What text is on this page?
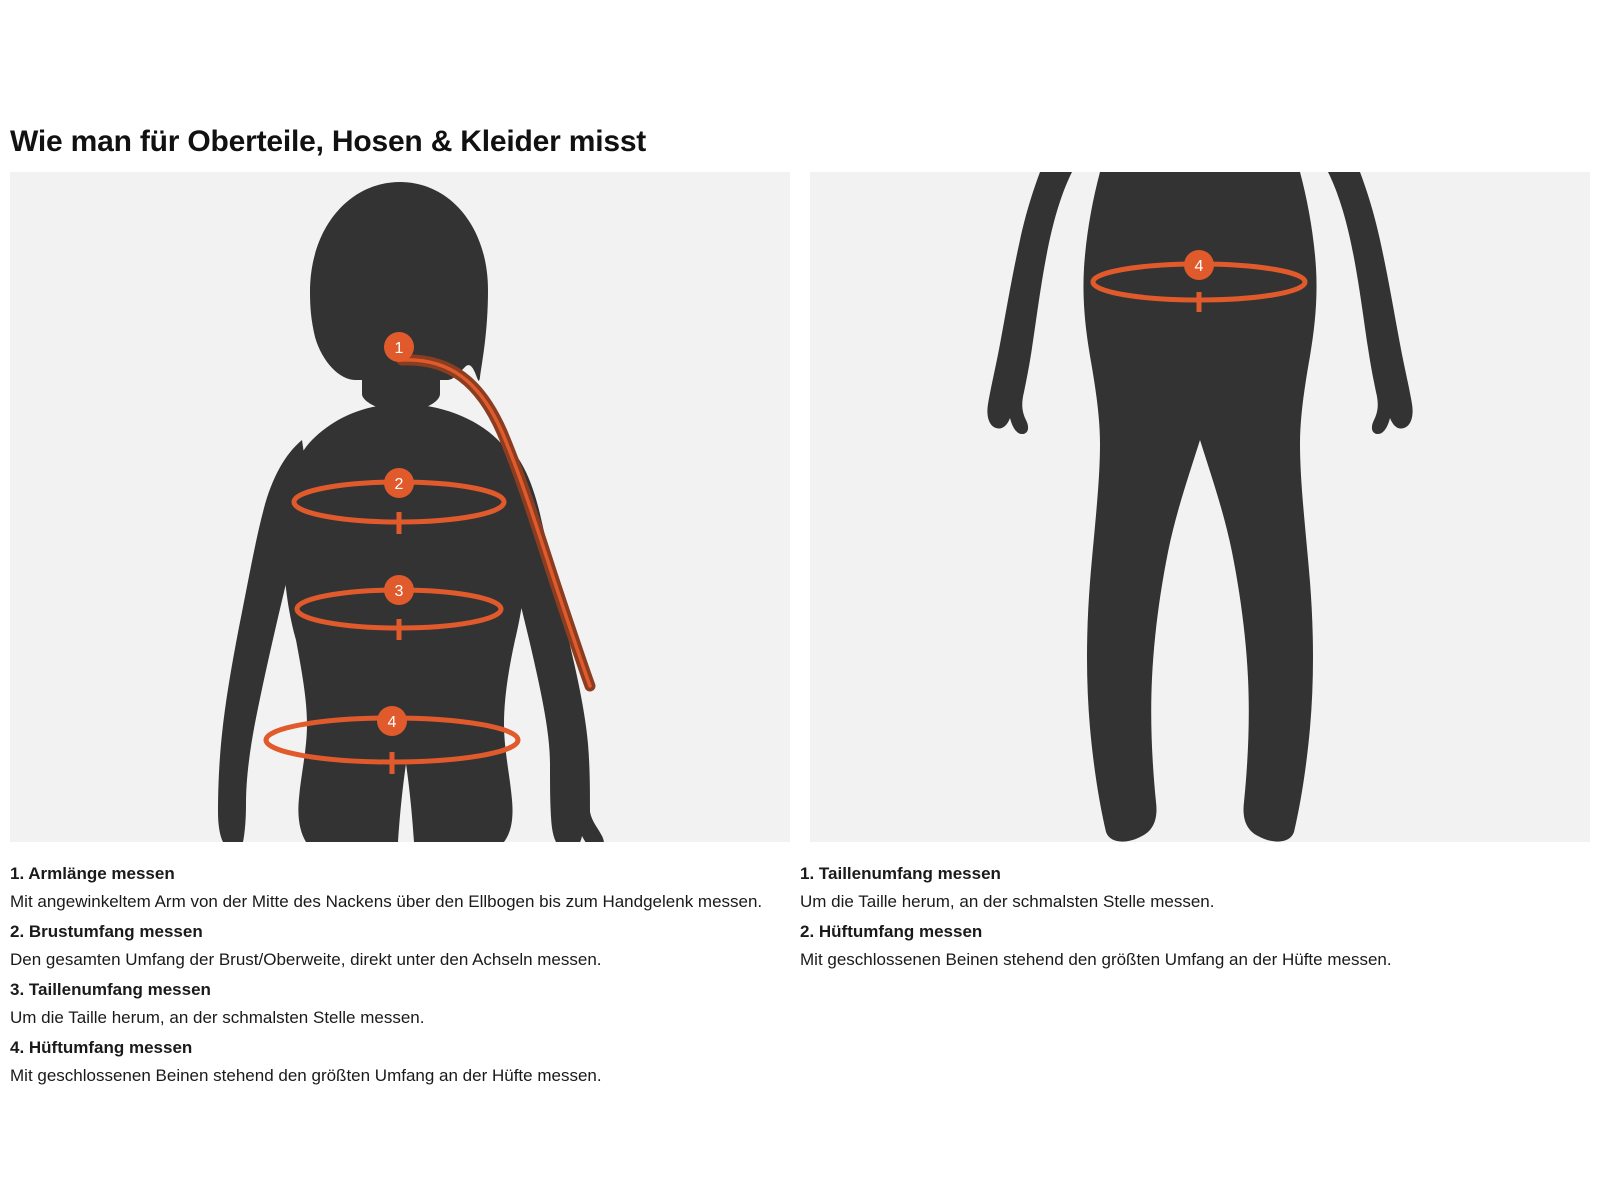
Wie man für Oberteile, Hosen & Kleider misst
1
2
3
4
4

1. Armlänge messen

Mit angewinkeltem Arm von der Mitte des Nackens über den Ellbogen bis zum Handgelenk messen.

2. Brustumfang messen

Den gesamten Umfang der Brust/Oberweite, direkt unter den Achseln messen.

3. Taillenumfang messen

Um die Taille herum, an der schmalsten Stelle messen.

4. Hüftumfang messen

Mit geschlossenen Beinen stehend den größten Umfang an der Hüfte messen.

1. Taillenumfang messen

Um die Taille herum, an der schmalsten Stelle messen.

2. Hüftumfang messen

Mit geschlossenen Beinen stehend den größten Umfang an der Hüfte messen.
